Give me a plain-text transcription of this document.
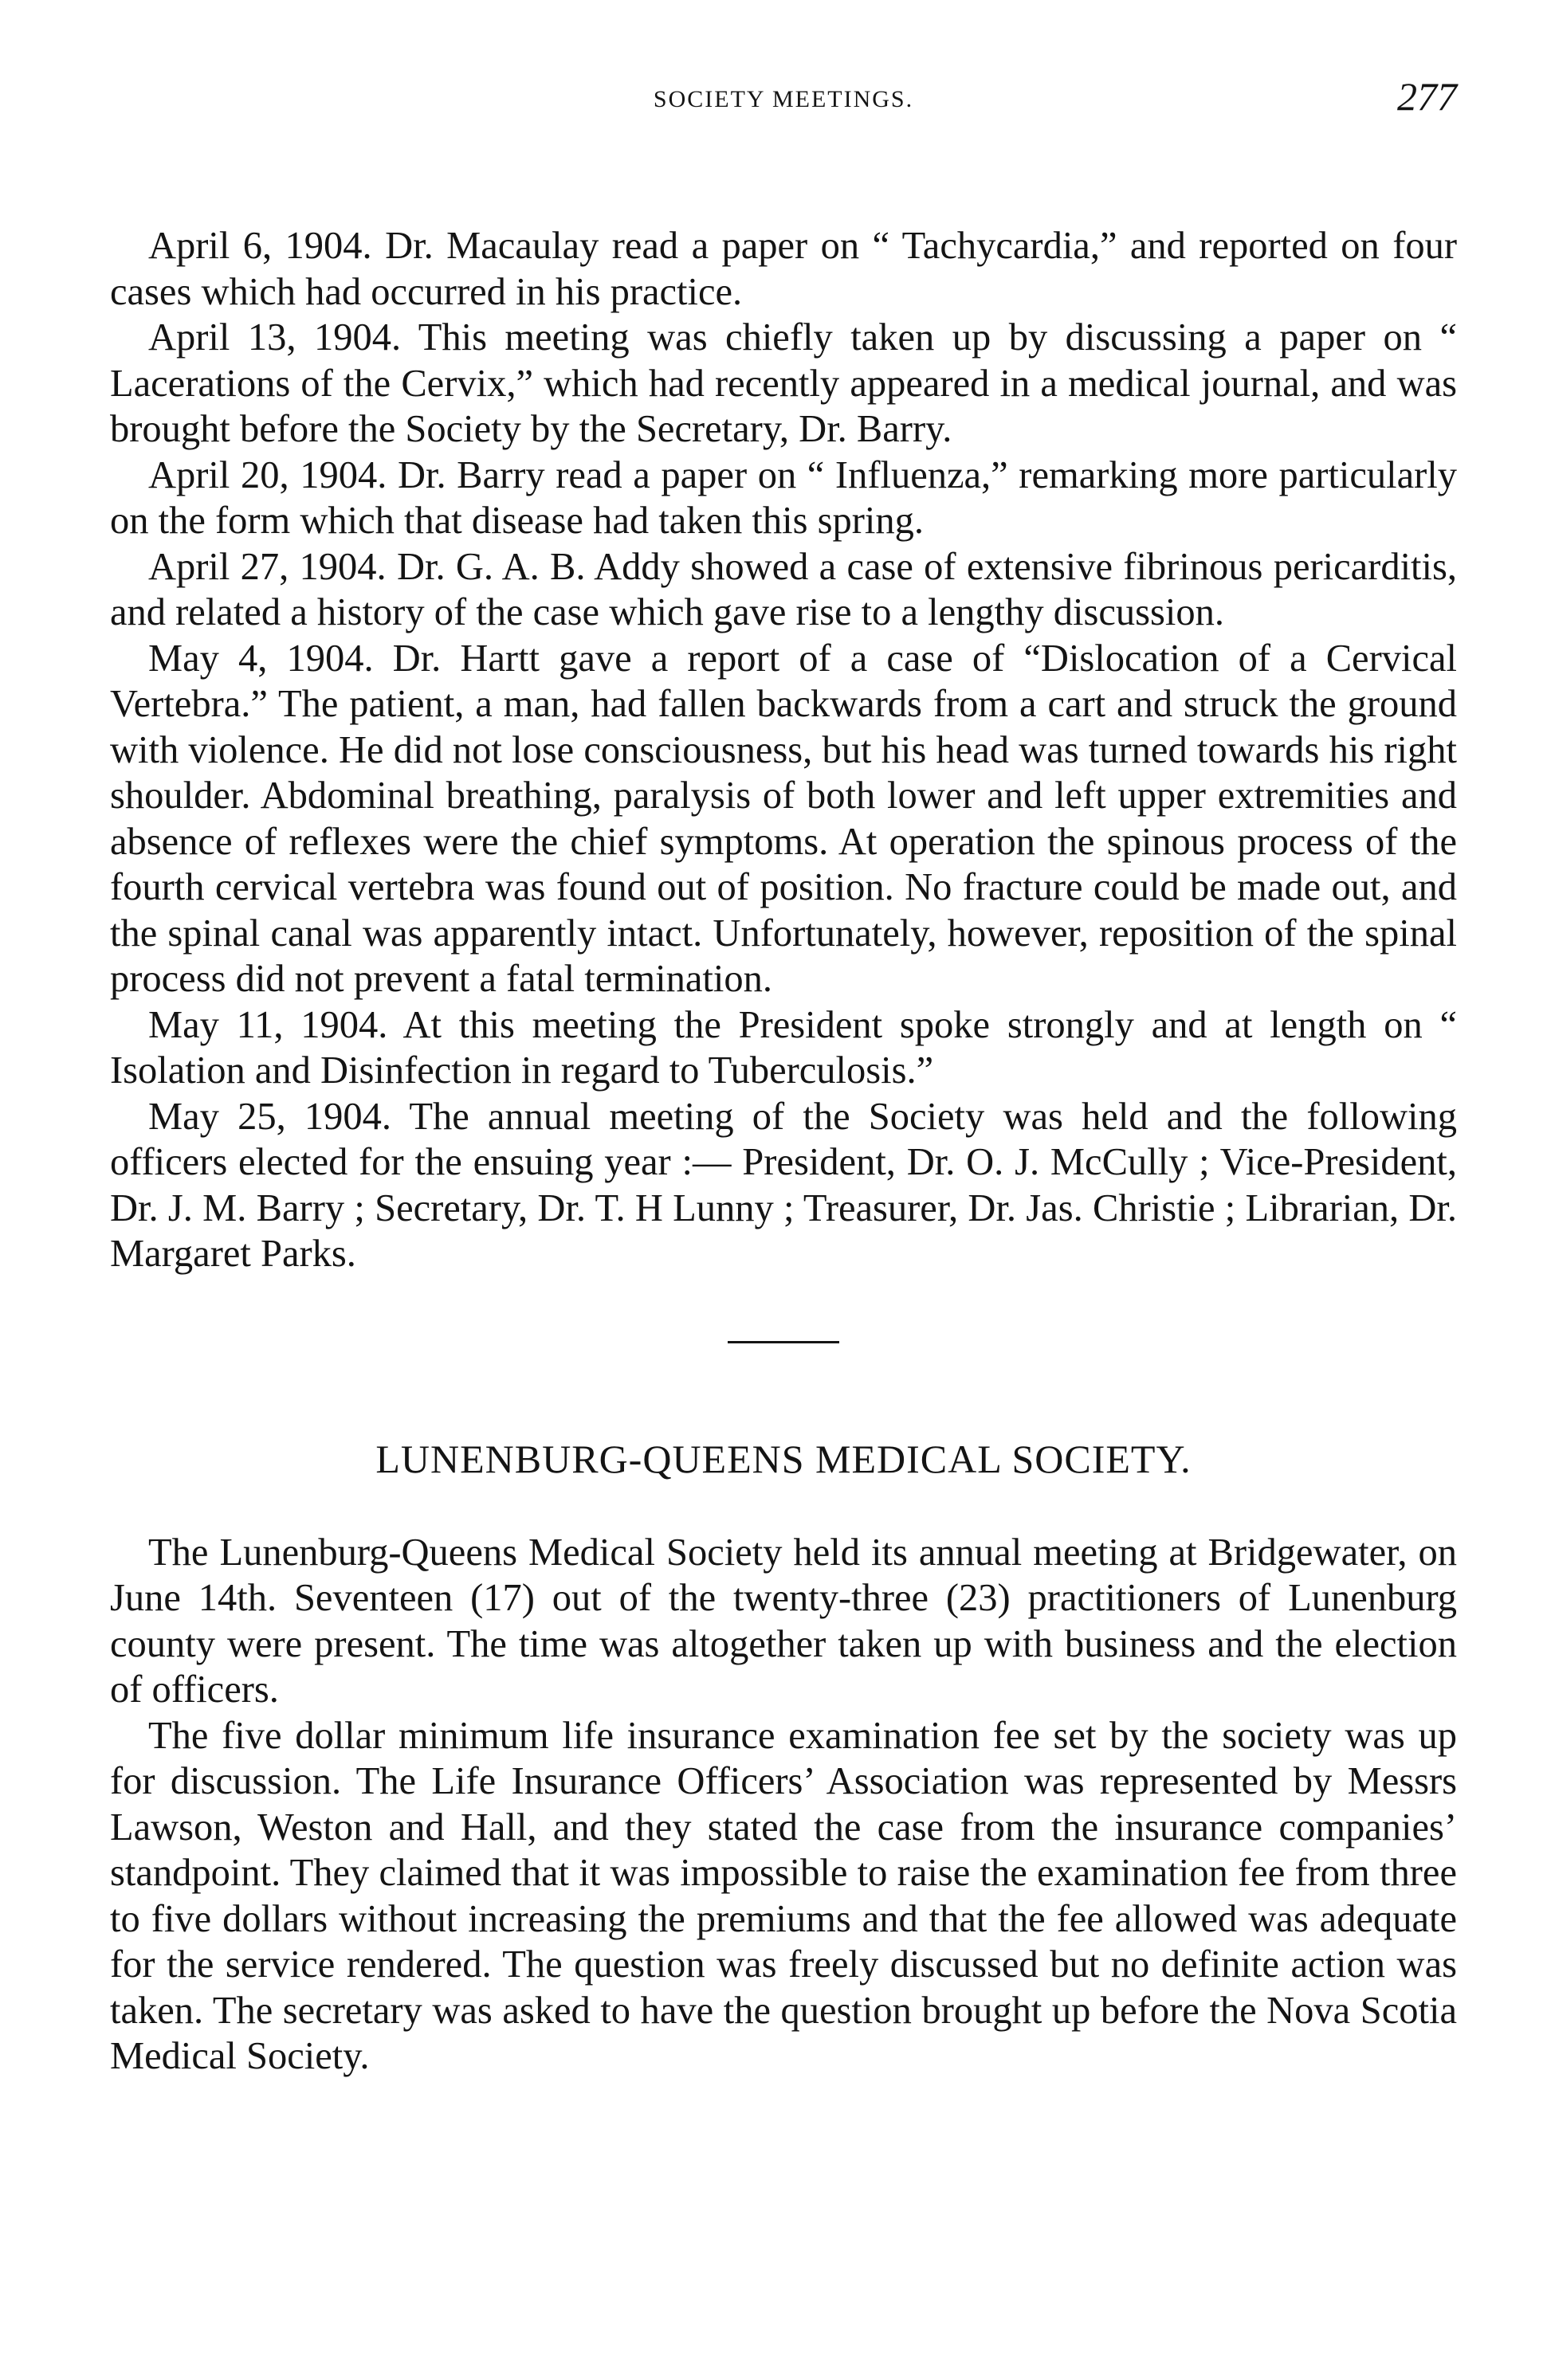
SOCIETY MEETINGS.	277

April 6, 1904. Dr. Macaulay read a paper on “ Tachycardia,” and reported on four cases which had occurred in his practice.

April 13, 1904. This meeting was chiefly taken up by discussing a paper on “ Lacerations of the Cervix,” which had recently appeared in a medical journal, and was brought before the Society by the Secretary, Dr. Barry.

April 20, 1904. Dr. Barry read a paper on “ Influenza,” remarking more particularly on the form which that disease had taken this spring.

April 27, 1904. Dr. G. A. B. Addy showed a case of extensive fibrinous pericarditis, and related a history of the case which gave rise to a lengthy discussion.

May 4, 1904. Dr. Hartt gave a report of a case of “Dislocation of a Cervical Vertebra.” The patient, a man, had fallen backwards from a cart and struck the ground with violence. He did not lose consciousness, but his head was turned towards his right shoulder. Abdominal breathing, paralysis of both lower and left upper extremities and absence of reflexes were the chief symptoms. At operation the spinous process of the fourth cervical vertebra was found out of position. No fracture could be made out, and the spinal canal was apparently intact. Unfortunately, however, reposition of the spinal process did not prevent a fatal termination.

May 11, 1904. At this meeting the President spoke strongly and at length on “ Isolation and Disinfection in regard to Tuberculosis.”

May 25, 1904. The annual meeting of the Society was held and the following officers elected for the ensuing year :— President, Dr. O. J. McCully ; Vice-President, Dr. J. M. Barry ; Secretary, Dr. T. H Lunny ; Treasurer, Dr. Jas. Christie ; Librarian, Dr. Margaret Parks.

LUNENBURG-QUEENS MEDICAL SOCIETY.

The Lunenburg-Queens Medical Society held its annual meeting at Bridgewater, on June 14th. Seventeen (17) out of the twenty-three (23) practitioners of Lunenburg county were present. The time was altogether taken up with business and the election of officers.

The five dollar minimum life insurance examination fee set by the society was up for discussion. The Life Insurance Officers’ Association was represented by Messrs Lawson, Weston and Hall, and they stated the case from the insurance companies’ standpoint. They claimed that it was impossible to raise the examination fee from three to five dollars without increasing the premiums and that the fee allowed was adequate for the service rendered. The question was freely discussed but no definite action was taken. The secretary was asked to have the question brought up before the Nova Scotia Medical Society.
